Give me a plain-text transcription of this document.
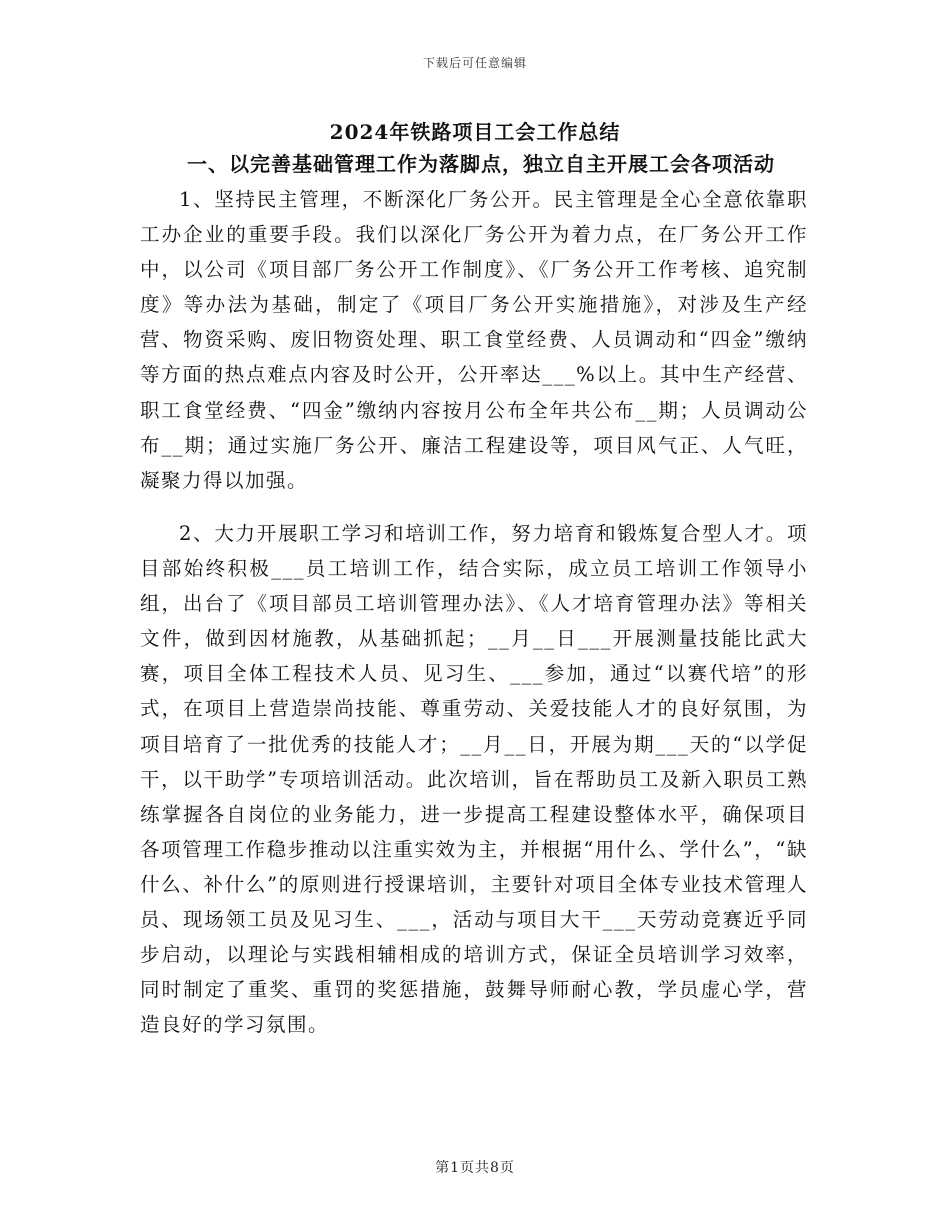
下载后可任意编辑
2024年铁路项目工会工作总结
一、以完善基础管理工作为落脚点，独立自主开展工会各项活动

1、坚持民主管理，不断深化厂务公开。民主管理是全心全意依靠职工办企业的重要手段。我们以深化厂务公开为着力点，在厂务公开工作中，以公司《项目部厂务公开工作制度》、《厂务公开工作考核、追究制度》等办法为基础，制定了《项目厂务公开实施措施》，对涉及生产经营、物资采购、废旧物资处理、职工食堂经费、人员调动和“四金”缴纳等方面的热点难点内容及时公开，公开率达___%以上。其中生产经营、职工食堂经费、“四金”缴纳内容按月公布全年共公布__期；人员调动公布__期；通过实施厂务公开、廉洁工程建设等，项目风气正、人气旺，凝聚力得以加强。

2、大力开展职工学习和培训工作，努力培育和锻炼复合型人才。项目部始终积极___员工培训工作，结合实际，成立员工培训工作领导小组，出台了《项目部员工培训管理办法》、《人才培育管理办法》等相关文件，做到因材施教，从基础抓起；__月__日___开展测量技能比武大赛，项目全体工程技术人员、见习生、___参加，通过“以赛代培”的形式，在项目上营造崇尚技能、尊重劳动、关爱技能人才的良好氛围，为项目培育了一批优秀的技能人才；__月__日，开展为期___天的“以学促干，以干助学”专项培训活动。此次培训，旨在帮助员工及新入职员工熟练掌握各自岗位的业务能力，进一步提高工程建设整体水平，确保项目各项管理工作稳步推动以注重实效为主，并根据“用什么、学什么”，“缺什么、补什么”的原则进行授课培训，主要针对项目全体专业技术管理人员、现场领工员及见习生、___，活动与项目大干___天劳动竞赛近乎同步启动，以理论与实践相辅相成的培训方式，保证全员培训学习效率，同时制定了重奖、重罚的奖惩措施，鼓舞导师耐心教，学员虚心学，营造良好的学习氛围。

第1页共8页
